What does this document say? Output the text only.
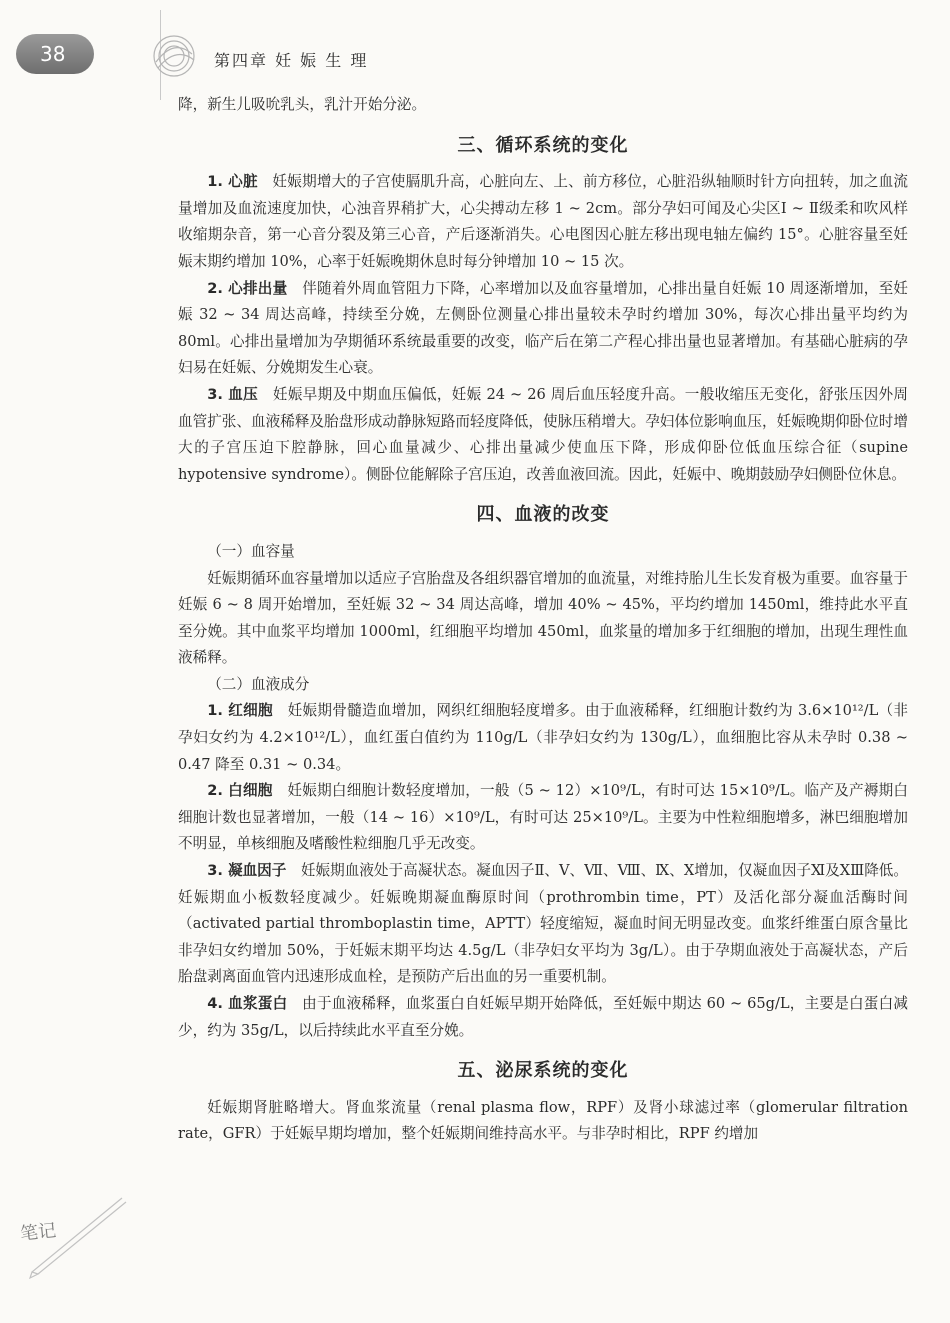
38	第四章 妊 娠 生 理

降，新生儿吸吮乳头，乳汁开始分泌。

三、循环系统的变化

1. 心脏　妊娠期增大的子宫使膈肌升高，心脏向左、上、前方移位，心脏沿纵轴顺时针方向扭转，加之血流量增加及血流速度加快，心浊音界稍扩大，心尖搏动左移 1 ~ 2cm。部分孕妇可闻及心尖区Ⅰ ~ Ⅱ级柔和吹风样收缩期杂音，第一心音分裂及第三心音，产后逐渐消失。心电图因心脏左移出现电轴左偏约 15°。心脏容量至妊娠末期约增加 10%，心率于妊娠晚期休息时每分钟增加 10 ~ 15 次。

2. 心排出量　伴随着外周血管阻力下降，心率增加以及血容量增加，心排出量自妊娠 10 周逐渐增加，至妊娠 32 ~ 34 周达高峰，持续至分娩，左侧卧位测量心排出量较未孕时约增加 30%，每次心排出量平均约为 80ml。心排出量增加为孕期循环系统最重要的改变，临产后在第二产程心排出量也显著增加。有基础心脏病的孕妇易在妊娠、分娩期发生心衰。

3. 血压　妊娠早期及中期血压偏低，妊娠 24 ~ 26 周后血压轻度升高。一般收缩压无变化，舒张压因外周血管扩张、血液稀释及胎盘形成动静脉短路而轻度降低，使脉压稍增大。孕妇体位影响血压，妊娠晚期仰卧位时增大的子宫压迫下腔静脉，回心血量减少、心排出量减少使血压下降，形成仰卧位低血压综合征（supine hypotensive syndrome）。侧卧位能解除子宫压迫，改善血液回流。因此，妊娠中、晚期鼓励孕妇侧卧位休息。

四、血液的改变
（一）血容量

妊娠期循环血容量增加以适应子宫胎盘及各组织器官增加的血流量，对维持胎儿生长发育极为重要。血容量于妊娠 6 ~ 8 周开始增加，至妊娠 32 ~ 34 周达高峰，增加 40% ~ 45%，平均约增加 1450ml，维持此水平直至分娩。其中血浆平均增加 1000ml，红细胞平均增加 450ml，血浆量的增加多于红细胞的增加，出现生理性血液稀释。

（二）血液成分

1. 红细胞　妊娠期骨髓造血增加，网织红细胞轻度增多。由于血液稀释，红细胞计数约为 3.6×10¹²/L（非孕妇女约为 4.2×10¹²/L），血红蛋白值约为 110g/L（非孕妇女约为 130g/L），血细胞比容从未孕时 0.38 ~ 0.47 降至 0.31 ~ 0.34。

2. 白细胞　妊娠期白细胞计数轻度增加，一般（5 ~ 12）×10⁹/L，有时可达 15×10⁹/L。临产及产褥期白细胞计数也显著增加，一般（14 ~ 16）×10⁹/L，有时可达 25×10⁹/L。主要为中性粒细胞增多，淋巴细胞增加不明显，单核细胞及嗜酸性粒细胞几乎无改变。

3. 凝血因子　妊娠期血液处于高凝状态。凝血因子Ⅱ、Ⅴ、Ⅶ、Ⅷ、Ⅸ、Ⅹ增加，仅凝血因子Ⅺ及ⅩⅢ降低。妊娠期血小板数轻度减少。妊娠晚期凝血酶原时间（prothrombin time，PT）及活化部分凝血活酶时间（activated partial thromboplastin time，APTT）轻度缩短，凝血时间无明显改变。血浆纤维蛋白原含量比非孕妇女约增加 50%，于妊娠末期平均达 4.5g/L（非孕妇女平均为 3g/L）。由于孕期血液处于高凝状态，产后胎盘剥离面血管内迅速形成血栓，是预防产后出血的另一重要机制。

4. 血浆蛋白　由于血液稀释，血浆蛋白自妊娠早期开始降低，至妊娠中期达 60 ~ 65g/L，主要是白蛋白减少，约为 35g/L，以后持续此水平直至分娩。

五、泌尿系统的变化

妊娠期肾脏略增大。肾血浆流量（renal plasma flow，RPF）及肾小球滤过率（glomerular filtration rate，GFR）于妊娠早期均增加，整个妊娠期间维持高水平。与非孕时相比，RPF 约增加

笔记
